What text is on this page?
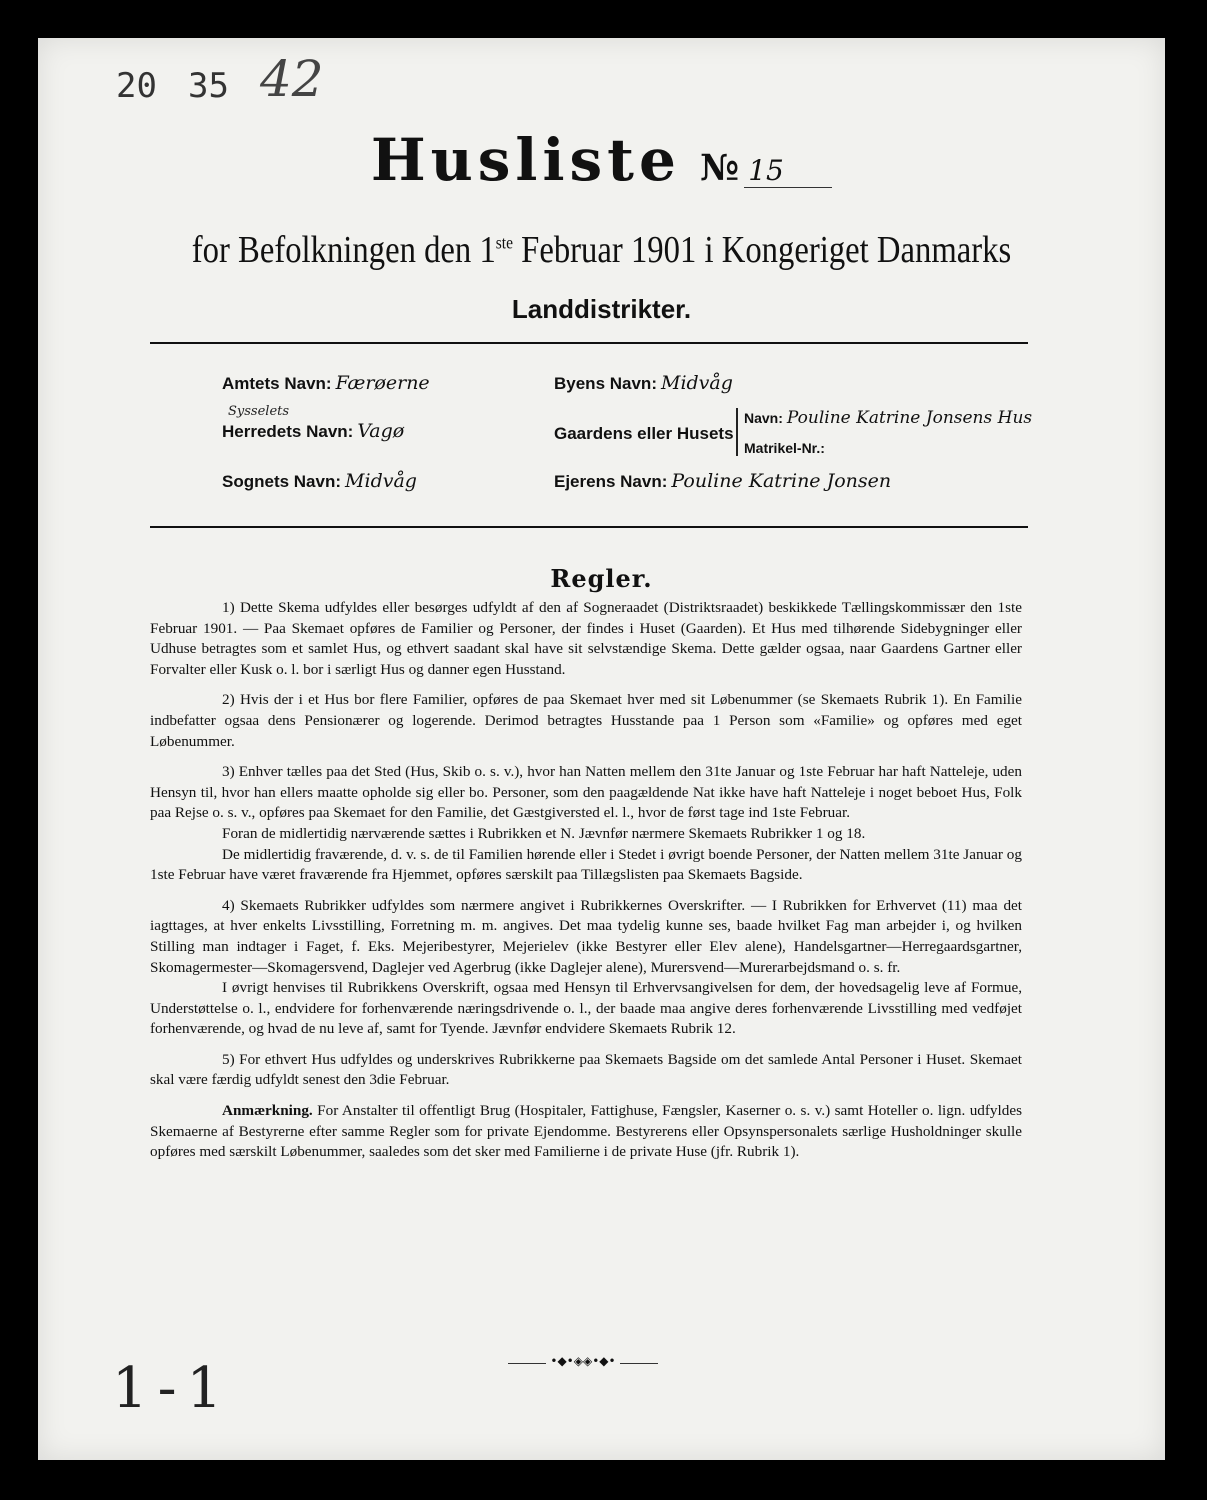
20 35 42
Husliste № 15
for Befolkningen den 1ste Februar 1901 i Kongeriget Danmarks
Landdistrikter.
Amtets Navn: Færøerne
Sysselets
Herredets Navn: Vagø
Sognets Navn: Midvåg
Byens Navn: Midvåg
Gaardens eller Husets
Navn: Pouline Katrine Jonsens Hus
Matrikel-Nr.:
Ejerens Navn: Pouline Katrine Jonsen
Regler.

1) Dette Skema udfyldes eller besørges udfyldt af den af Sogneraadet (Distriktsraadet) beskikkede Tællingskommissær den 1ste Februar 1901. — Paa Skemaet opføres de Familier og Personer, der findes i Huset (Gaarden). Et Hus med tilhørende Sidebygninger eller Udhuse betragtes som et samlet Hus, og ethvert saadant skal have sit selvstændige Skema. Dette gælder ogsaa, naar Gaardens Gartner eller Forvalter eller Kusk o. l. bor i særligt Hus og danner egen Husstand.

2) Hvis der i et Hus bor flere Familier, opføres de paa Skemaet hver med sit Løbenummer (se Skemaets Rubrik 1). En Familie indbefatter ogsaa dens Pensionærer og logerende. Derimod betragtes Husstande paa 1 Person som «Familie» og opføres med eget Løbenummer.

3) Enhver tælles paa det Sted (Hus, Skib o. s. v.), hvor han Natten mellem den 31te Januar og 1ste Februar har haft Natteleje, uden Hensyn til, hvor han ellers maatte opholde sig eller bo. Personer, som den paagældende Nat ikke have haft Natteleje i noget beboet Hus, Folk paa Rejse o. s. v., opføres paa Skemaet for den Familie, det Gæstgiversted el. l., hvor de først tage ind 1ste Februar.

Foran de midlertidig nærværende sættes i Rubrikken et N. Jævnfør nærmere Skemaets Rubrikker 1 og 18.

De midlertidig fraværende, d. v. s. de til Familien hørende eller i Stedet i øvrigt boende Personer, der Natten mellem 31te Januar og 1ste Februar have været fraværende fra Hjemmet, opføres særskilt paa Tillægslisten paa Skemaets Bagside.

4) Skemaets Rubrikker udfyldes som nærmere angivet i Rubrikkernes Overskrifter. — I Rubrikken for Erhvervet (11) maa det iagttages, at hver enkelts Livsstilling, Forretning m. m. angives. Det maa tydelig kunne ses, baade hvilket Fag man arbejder i, og hvilken Stilling man indtager i Faget, f. Eks. Mejeribestyrer, Mejerielev (ikke Bestyrer eller Elev alene), Handelsgartner—Herregaardsgartner, Skomagermester—Skomagersvend, Daglejer ved Agerbrug (ikke Daglejer alene), Murersvend—Murerarbejdsmand o. s. fr.

I øvrigt henvises til Rubrikkens Overskrift, ogsaa med Hensyn til Erhvervsangivelsen for dem, der hovedsagelig leve af Formue, Understøttelse o. l., endvidere for forhenværende næringsdrivende o. l., der baade maa angive deres forhenværende Livsstilling med vedføjet forhenværende, og hvad de nu leve af, samt for Tyende. Jævnfør endvidere Skemaets Rubrik 12.

5) For ethvert Hus udfyldes og underskrives Rubrikkerne paa Skemaets Bagside om det samlede Antal Personer i Huset. Skemaet skal være færdig udfyldt senest den 3die Februar.

Anmærkning. For Anstalter til offentligt Brug (Hospitaler, Fattighuse, Fængsler, Kaserner o. s. v.) samt Hoteller o. lign. udfyldes Skemaerne af Bestyrerne efter samme Regler som for private Ejendomme. Bestyrerens eller Opsynspersonalets særlige Husholdninger skulle opføres med særskilt Løbenummer, saaledes som det sker med Familierne i de private Huse (jfr. Rubrik 1).

•◆•◈◈•◆•
1-1
